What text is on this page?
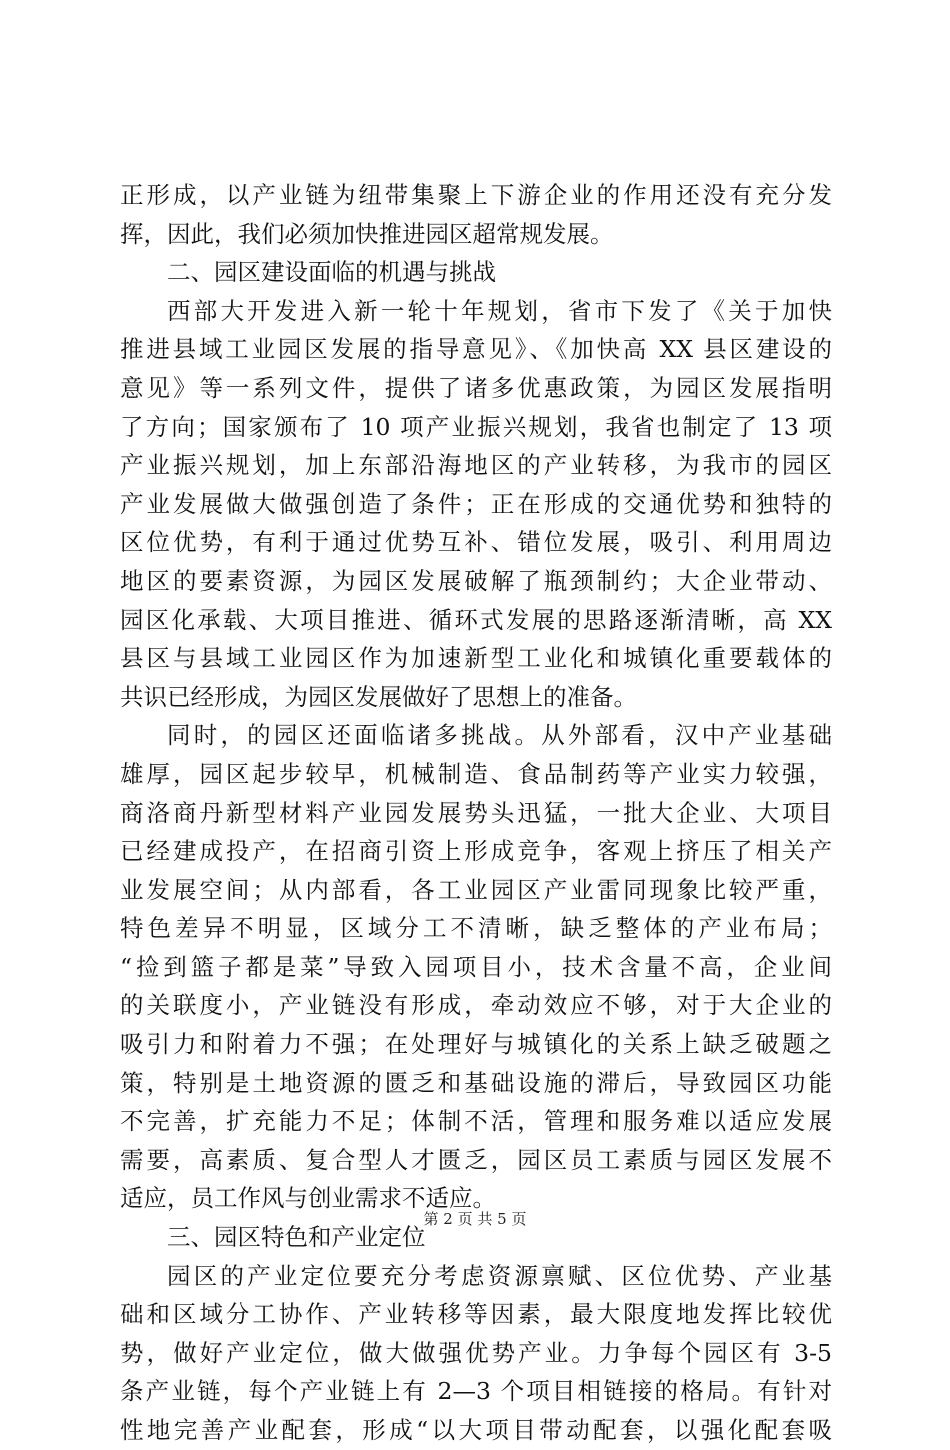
正形成，以产业链为纽带集聚上下游企业的作用还没有充分发
挥，因此，我们必须加快推进园区超常规发展。
二、园区建设面临的机遇与挑战
西部大开发进入新一轮十年规划，省市下发了《关于加快
推进县域工业园区发展的指导意见》、《加快高 XX 县区建设的
意见》等一系列文件，提供了诸多优惠政策，为园区发展指明
了方向；国家颁布了 10 项产业振兴规划，我省也制定了 13 项
产业振兴规划，加上东部沿海地区的产业转移，为我市的园区
产业发展做大做强创造了条件；正在形成的交通优势和独特的
区位优势，有利于通过优势互补、错位发展，吸引、利用周边
地区的要素资源，为园区发展破解了瓶颈制约；大企业带动、
园区化承载、大项目推进、循环式发展的思路逐渐清晰，高 XX
县区与县域工业园区作为加速新型工业化和城镇化重要载体的
共识已经形成，为园区发展做好了思想上的准备。
同时，的园区还面临诸多挑战。从外部看，汉中产业基础
雄厚，园区起步较早，机械制造、食品制药等产业实力较强，
商洛商丹新型材料产业园发展势头迅猛，一批大企业、大项目
已经建成投产，在招商引资上形成竞争，客观上挤压了相关产
业发展空间；从内部看，各工业园区产业雷同现象比较严重，
特色差异不明显，区域分工不清晰，缺乏整体的产业布局；
“捡到篮子都是菜”导致入园项目小，技术含量不高，企业间
的关联度小，产业链没有形成，牵动效应不够，对于大企业的
吸引力和附着力不强；在处理好与城镇化的关系上缺乏破题之
策，特别是土地资源的匮乏和基础设施的滞后，导致园区功能
不完善，扩充能力不足；体制不活，管理和服务难以适应发展
需要，高素质、复合型人才匮乏，园区员工素质与园区发展不
适应，员工作风与创业需求不适应。
三、园区特色和产业定位
园区的产业定位要充分考虑资源禀赋、区位优势、产业基
础和区域分工协作、产业转移等因素，最大限度地发挥比较优
势，做好产业定位，做大做强优势产业。力争每个园区有 3-5
条产业链，每个产业链上有 2—3 个项目相链接的格局。有针对
性地完善产业配套，形成“以大项目带动配套，以强化配套吸
第 2 页 共 5 页
